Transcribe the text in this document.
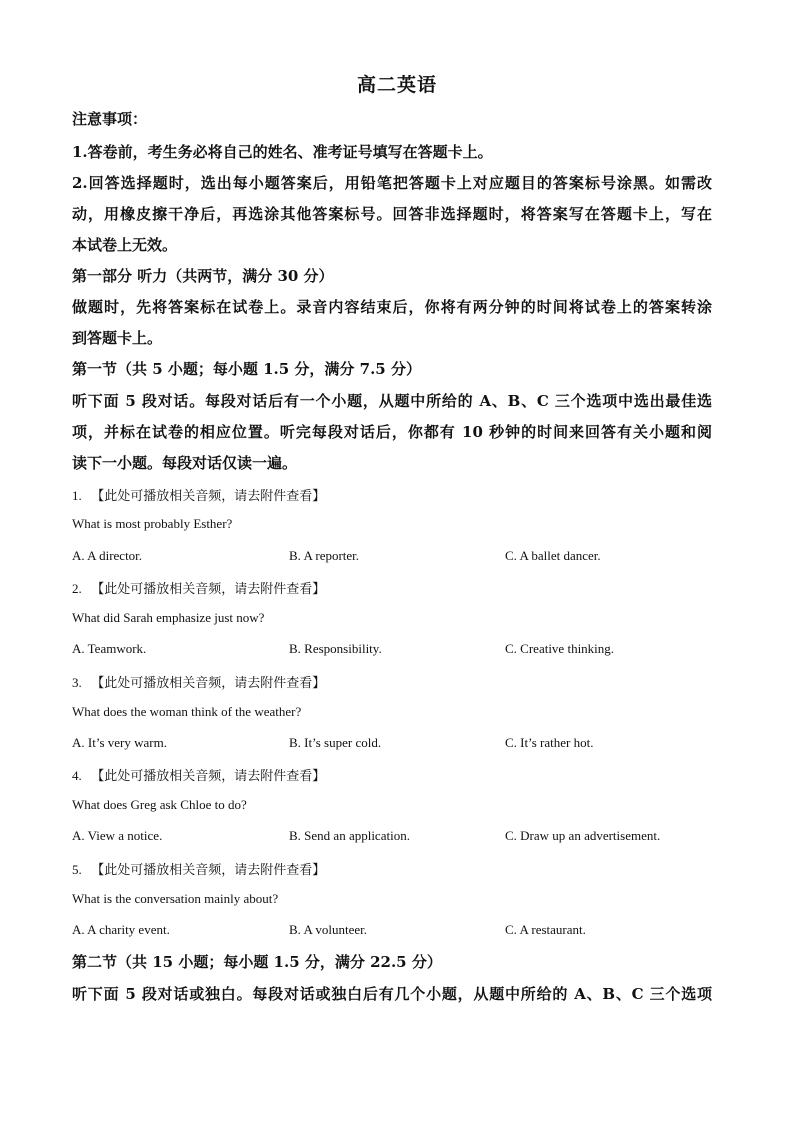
高二英语
注意事项：
1.答卷前，考生务必将自己的姓名、准考证号填写在答题卡上。
2.回答选择题时，选出每小题答案后，用铅笔把答题卡上对应题目的答案标号涂黑。如需改
动，用橡皮擦干净后，再选涂其他答案标号。回答非选择题时，将答案写在答题卡上，写在
本试卷上无效。
第一部分 听力（共两节，满分 30 分）
做题时，先将答案标在试卷上。录音内容结束后，你将有两分钟的时间将试卷上的答案转涂
到答题卡上。
第一节（共 5 小题；每小题 1.5 分，满分 7.5 分）
听下面 5 段对话。每段对话后有一个小题，从题中所给的 A、B、C 三个选项中选出最佳选
项，并标在试卷的相应位置。听完每段对话后，你都有 10 秒钟的时间来回答有关小题和阅
读下一小题。每段对话仅读一遍。
1. 【此处可播放相关音频，请去附件查看】
What is most probably Esther?
A. A director.	B. A reporter.	C. A ballet dancer.
2. 【此处可播放相关音频，请去附件查看】
What did Sarah emphasize just now?
A. Teamwork.	B. Responsibility.	C. Creative thinking.
3. 【此处可播放相关音频，请去附件查看】
What does the woman think of the weather?
A. It’s very warm.	B. It’s super cold.	C. It’s rather hot.
4. 【此处可播放相关音频，请去附件查看】
What does Greg ask Chloe to do?
A. View a notice.	B. Send an application.	C. Draw up an advertisement.
5. 【此处可播放相关音频，请去附件查看】
What is the conversation mainly about?
A. A charity event.	B. A volunteer.	C. A restaurant.
第二节（共 15 小题；每小题 1.5 分，满分 22.5 分）
听下面 5 段对话或独白。每段对话或独白后有几个小题，从题中所给的 A、B、C 三个选项
